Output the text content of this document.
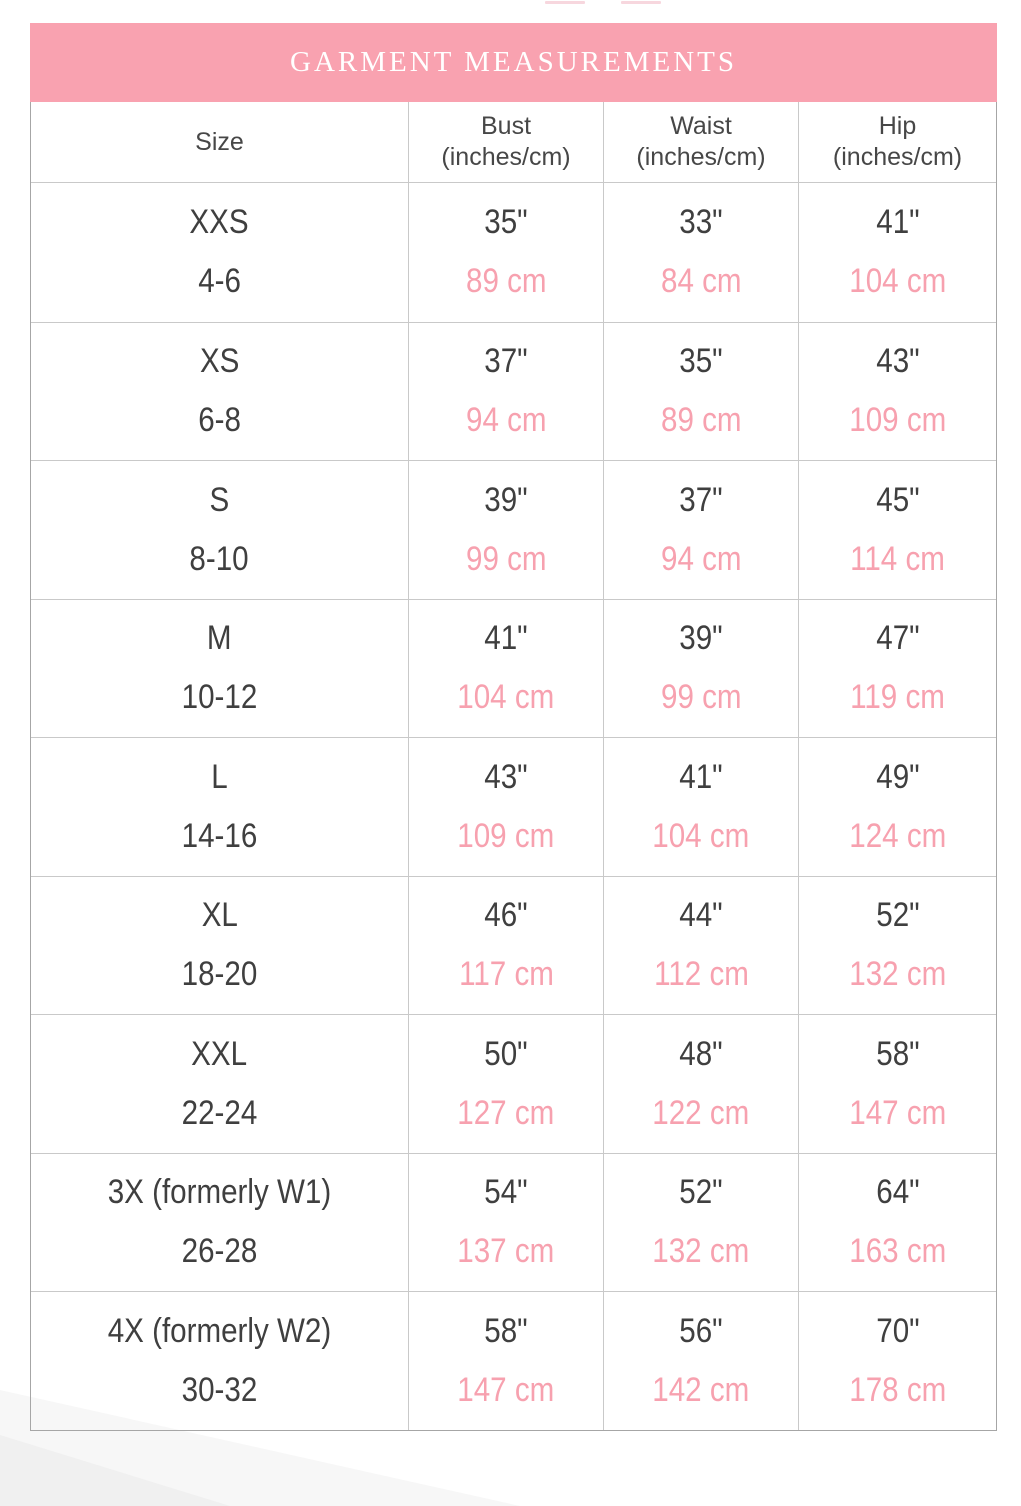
GARMENT MEASUREMENTS
Size
Bust
(inches/cm)
Waist
(inches/cm)
Hip
(inches/cm)
XXS
4-6
35"
89 cm
33"
84 cm
41"
104 cm
XS
6-8
37"
94 cm
35"
89 cm
43"
109 cm
S
8-10
39"
99 cm
37"
94 cm
45"
114 cm
M
10-12
41"
104 cm
39"
99 cm
47"
119 cm
L
14-16
43"
109 cm
41"
104 cm
49"
124 cm
XL
18-20
46"
117 cm
44"
112 cm
52"
132 cm
XXL
22-24
50"
127 cm
48"
122 cm
58"
147 cm
3X (formerly W1)
26-28
54"
137 cm
52"
132 cm
64"
163 cm
4X (formerly W2)
30-32
58"
147 cm
56"
142 cm
70"
178 cm
